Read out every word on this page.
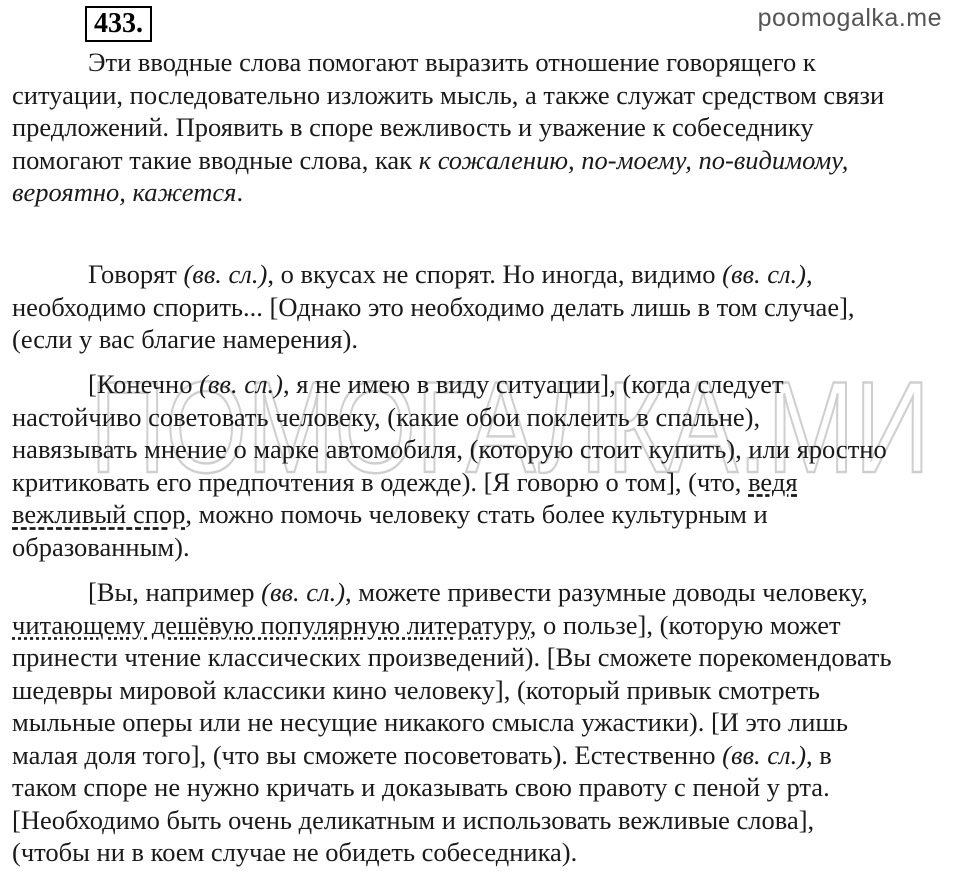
433.	poomogalka.me
ПОМОГАЛКА.МИ

Эти вводные слова помогают выразить отношение говорящего к
ситуации, последовательно изложить мысль, а также служат средством связи
предложений. Проявить в споре вежливость и уважение к собеседнику
помогают такие вводные слова, как к сожалению, по-моему, по-видимому,
вероятно, кажется.

Говорят (вв. сл.), о вкусах не спорят. Но иногда, видимо (вв. сл.),
необходимо спорить... [Однако это необходимо делать лишь в том случае],
(если у вас благие намерения).

[Конечно (вв. сл.), я не имею в виду ситуации], (когда следует
настойчиво советовать человеку, (какие обои поклеить в спальне),
навязывать мнение о марке автомобиля, (которую стоит купить), или яростно
критиковать его предпочтения в одежде). [Я говорю о том], (что, ведя
вежливый спор, можно помочь человеку стать более культурным и
образованным).

[Вы, например (вв. сл.), можете привести разумные доводы человеку,
читающему дешёвую популярную литературу, о пользе], (которую может
принести чтение классических произведений). [Вы сможете порекомендовать
шедевры мировой классики кино человеку], (который привык смотреть
мыльные оперы или не несущие никакого смысла ужастики). [И это лишь
малая доля того], (что вы сможете посоветовать). Естественно (вв. сл.), в
таком споре не нужно кричать и доказывать свою правоту с пеной у рта.
[Необходимо быть очень деликатным и использовать вежливые слова],
(чтобы ни в коем случае не обидеть собеседника).
